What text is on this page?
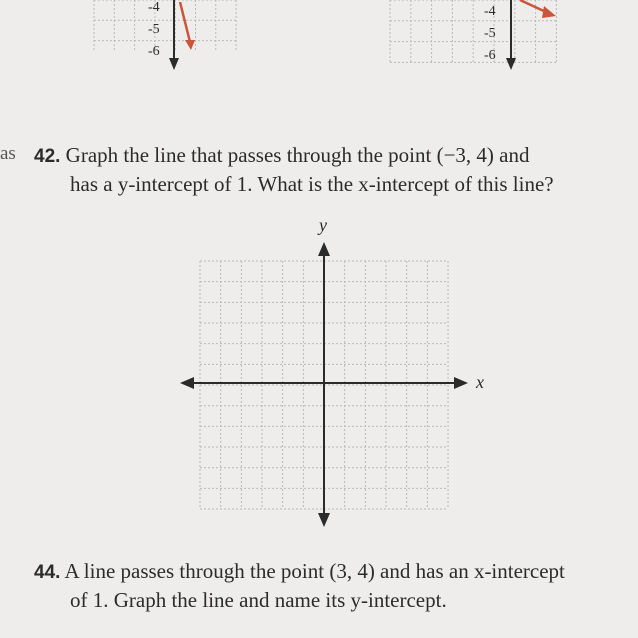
-4
-5
-6
-4
-5
-6
as 42. Graph the line that passes through the point (−3, 4) and
has a y-intercept of 1. What is the x-intercept of this line?
y
x
44. A line passes through the point (3, 4) and has an x-intercept
of 1. Graph the line and name its y-intercept.
